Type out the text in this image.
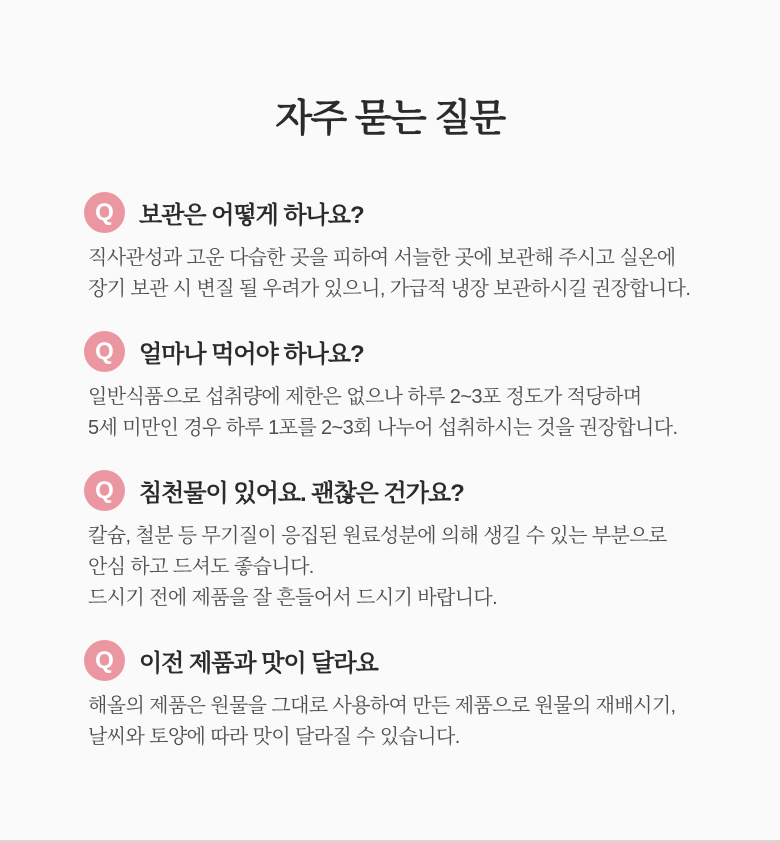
자주 묻는 질문
Q 보관은 어떻게 하나요?
직사관성과 고운 다습한 곳을 피하여 서늘한 곳에 보관해 주시고 실온에
장기 보관 시 변질 될 우려가 있으니, 가급적 냉장 보관하시길 권장합니다.
Q 얼마나 먹어야 하나요?
일반식품으로 섭취량에 제한은 없으나 하루 2~3포 정도가 적당하며
5세 미만인 경우 하루 1포를 2~3회 나누어 섭취하시는 것을 권장합니다.
Q 침천물이 있어요. 괜찮은 건가요?
칼슘, 철분 등 무기질이 응집된 원료성분에 의해 생길 수 있는 부분으로
안심 하고 드셔도 좋습니다.
드시기 전에 제품을 잘 흔들어서 드시기 바랍니다.
Q 이전 제품과 맛이 달라요
해올의 제품은 원물을 그대로 사용하여 만든 제품으로 원물의 재배시기,
날씨와 토양에 따라 맛이 달라질 수 있습니다.
